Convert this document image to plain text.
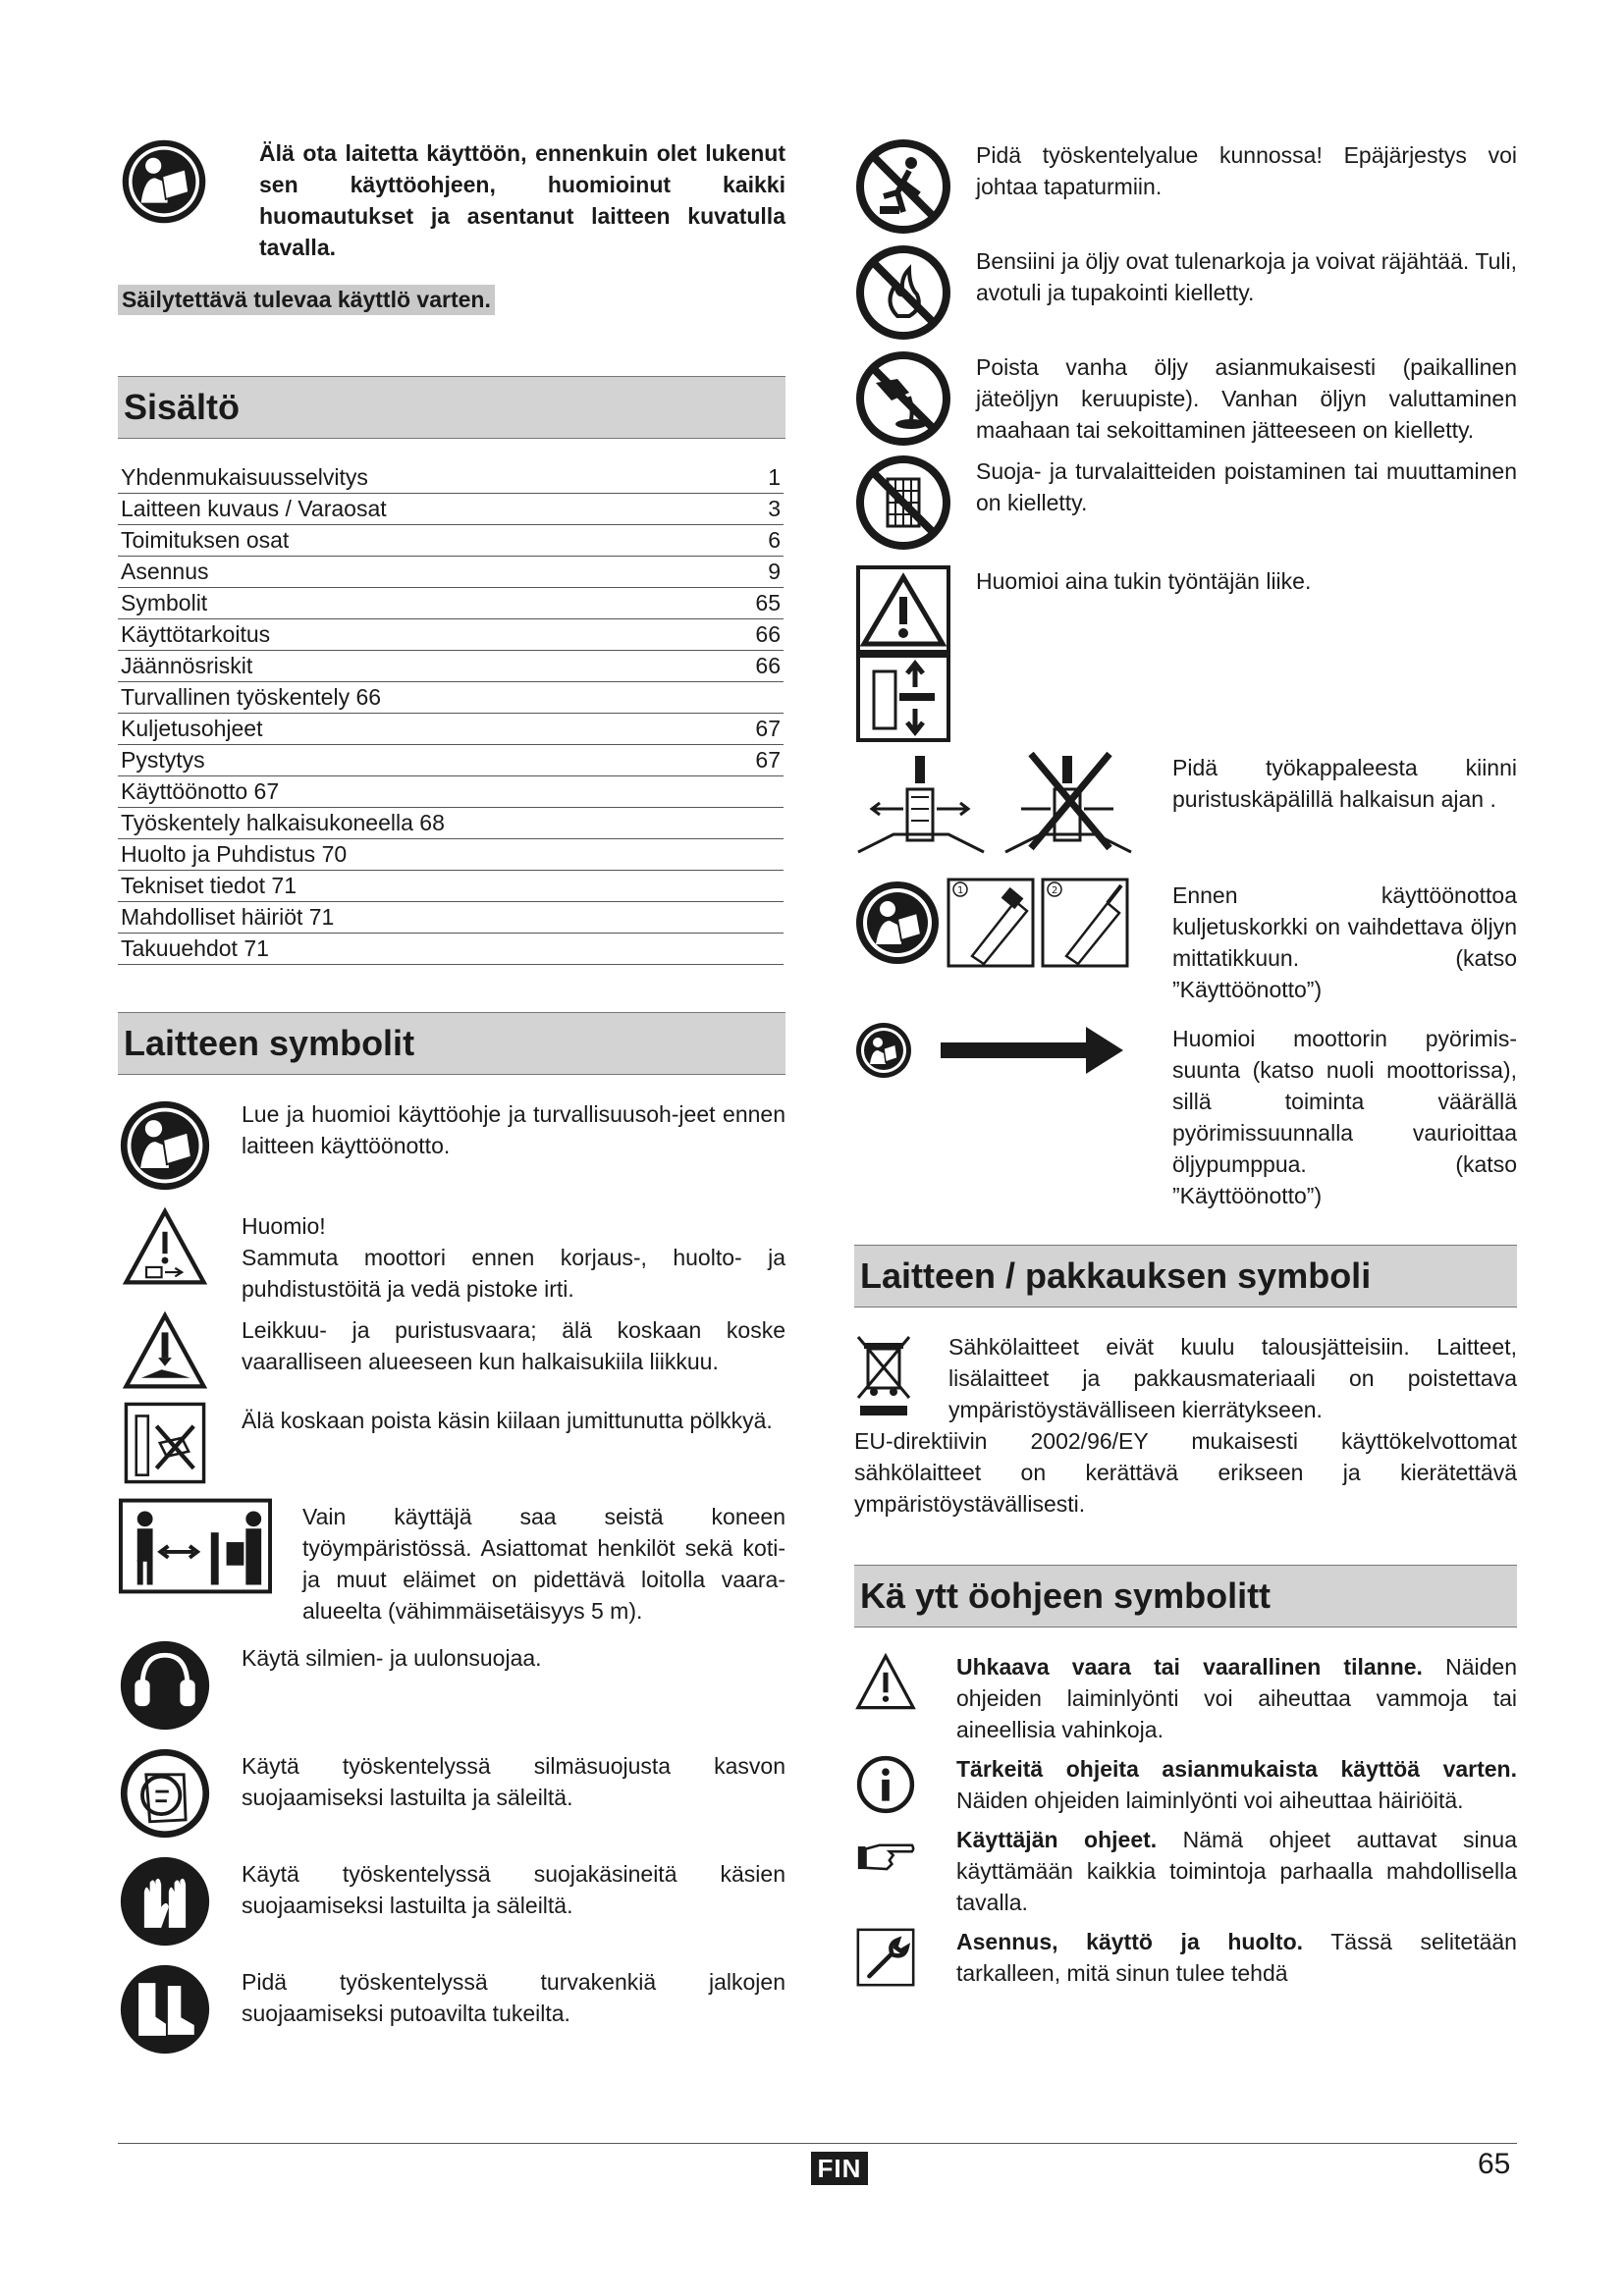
Älä ota laitetta käyttöön, ennenkuin olet lukenut sen käyttöohjeen, huomioinut kaikki huomautukset ja asentanut laitteen kuvatulla tavalla.
Säilytettävä tulevaa käyttlö varten.
Sisältö
Yhdenmukaisuusselvitys	1
Laitteen kuvaus / Varaosat	3
Toimituksen osat	6
Asennus	9
Symbolit	65
Käyttötarkoitus	66
Jäännösriskit	66
Turvallinen työskentely 66
Kuljetusohjeet	67
Pystytys	67
Käyttöönotto 67
Työskentely halkaisukoneella 68
Huolto ja Puhdistus 70
Tekniset tiedot 71
Mahdolliset häiriöt 71
Takuuehdot 71
Laitteen symbolit
Lue ja huomioi käyttöohje ja turvallisuusoh-jeet ennen laitteen käyttöönotto.
Huomio!
Sammuta moottori ennen korjaus-, huolto- ja puhdistustöitä ja vedä pistoke irti.
Leikkuu- ja puristusvaara; älä koskaan koske vaaralliseen alueeseen kun halkaisukiila liikkuu.
Älä koskaan poista käsin kiilaan jumittunutta pölkkyä.
Vain käyttäjä saa seistä koneen työympäristössä. Asiattomat henkilöt sekä koti- ja muut eläimet on pidettävä loitolla vaara-alueelta (vähimmäisetäisyys 5 m).
Käytä silmien- ja uulonsuojaa.
Käytä työskentelyssä silmäsuojusta kasvon suojaamiseksi lastuilta ja säleiltä.
Käytä työskentelyssä suojakäsineitä käsien suojaamiseksi lastuilta ja säleiltä.
Pidä työskentelyssä turvakenkiä jalkojen suojaamiseksi putoavilta tukeilta.
Pidä työskentelyalue kunnossa! Epäjärjestys voi johtaa tapaturmiin.
Bensiini ja öljy ovat tulenarkoja ja voivat räjähtää. Tuli, avotuli ja tupakointi kielletty.
Poista vanha öljy asianmukaisesti (paikallinen jäteöljyn keruupiste). Vanhan öljyn valuttaminen maahaan tai sekoittaminen jätteeseen on kielletty.
Suoja- ja turvalaitteiden poistaminen tai muuttaminen on kielletty.
Huomioi aina tukin työntäjän liike.
Pidä työkappaleesta kiinni puristuskäpälillä halkaisun ajan .
1	2	Ennen käyttöönottoa kuljetuskorkki on vaihdettava öljyn mittatikkuun. (katso ”Käyttöönotto”)
Huomioi moottorin pyörimis-suunta (katso nuoli moottorissa), sillä toiminta väärällä pyörimissuunnalla vaurioittaa öljypumppua. (katso ”Käyttöönotto”)
Laitteen / pakkauksen symboli
Sähkölaitteet eivät kuulu talousjätteisiin. Laitteet, lisälaitteet ja pakkausmateriaali on poistettava ympäristöystävälliseen kierrätykseen.
EU-direktiivin 2002/96/EY mukaisesti käyttökelvottomat sähkölaitteet on kerättävä erikseen ja kierätettävä ympäristöystävällisesti.
Kä ytt öohjeen symbolitt
Uhkaava vaara tai vaarallinen tilanne. Näiden ohjeiden laiminlyönti voi aiheuttaa vammoja tai aineellisia vahinkoja.
Tärkeitä ohjeita asianmukaista käyttöä varten. Näiden ohjeiden laiminlyönti voi aiheuttaa häiriöitä.
Käyttäjän ohjeet. Nämä ohjeet auttavat sinua käyttämään kaikkia toimintoja parhaalla mahdollisella tavalla.
Asennus, käyttö ja huolto. Tässä selitetään tarkalleen, mitä sinun tulee tehdä
FIN	65
